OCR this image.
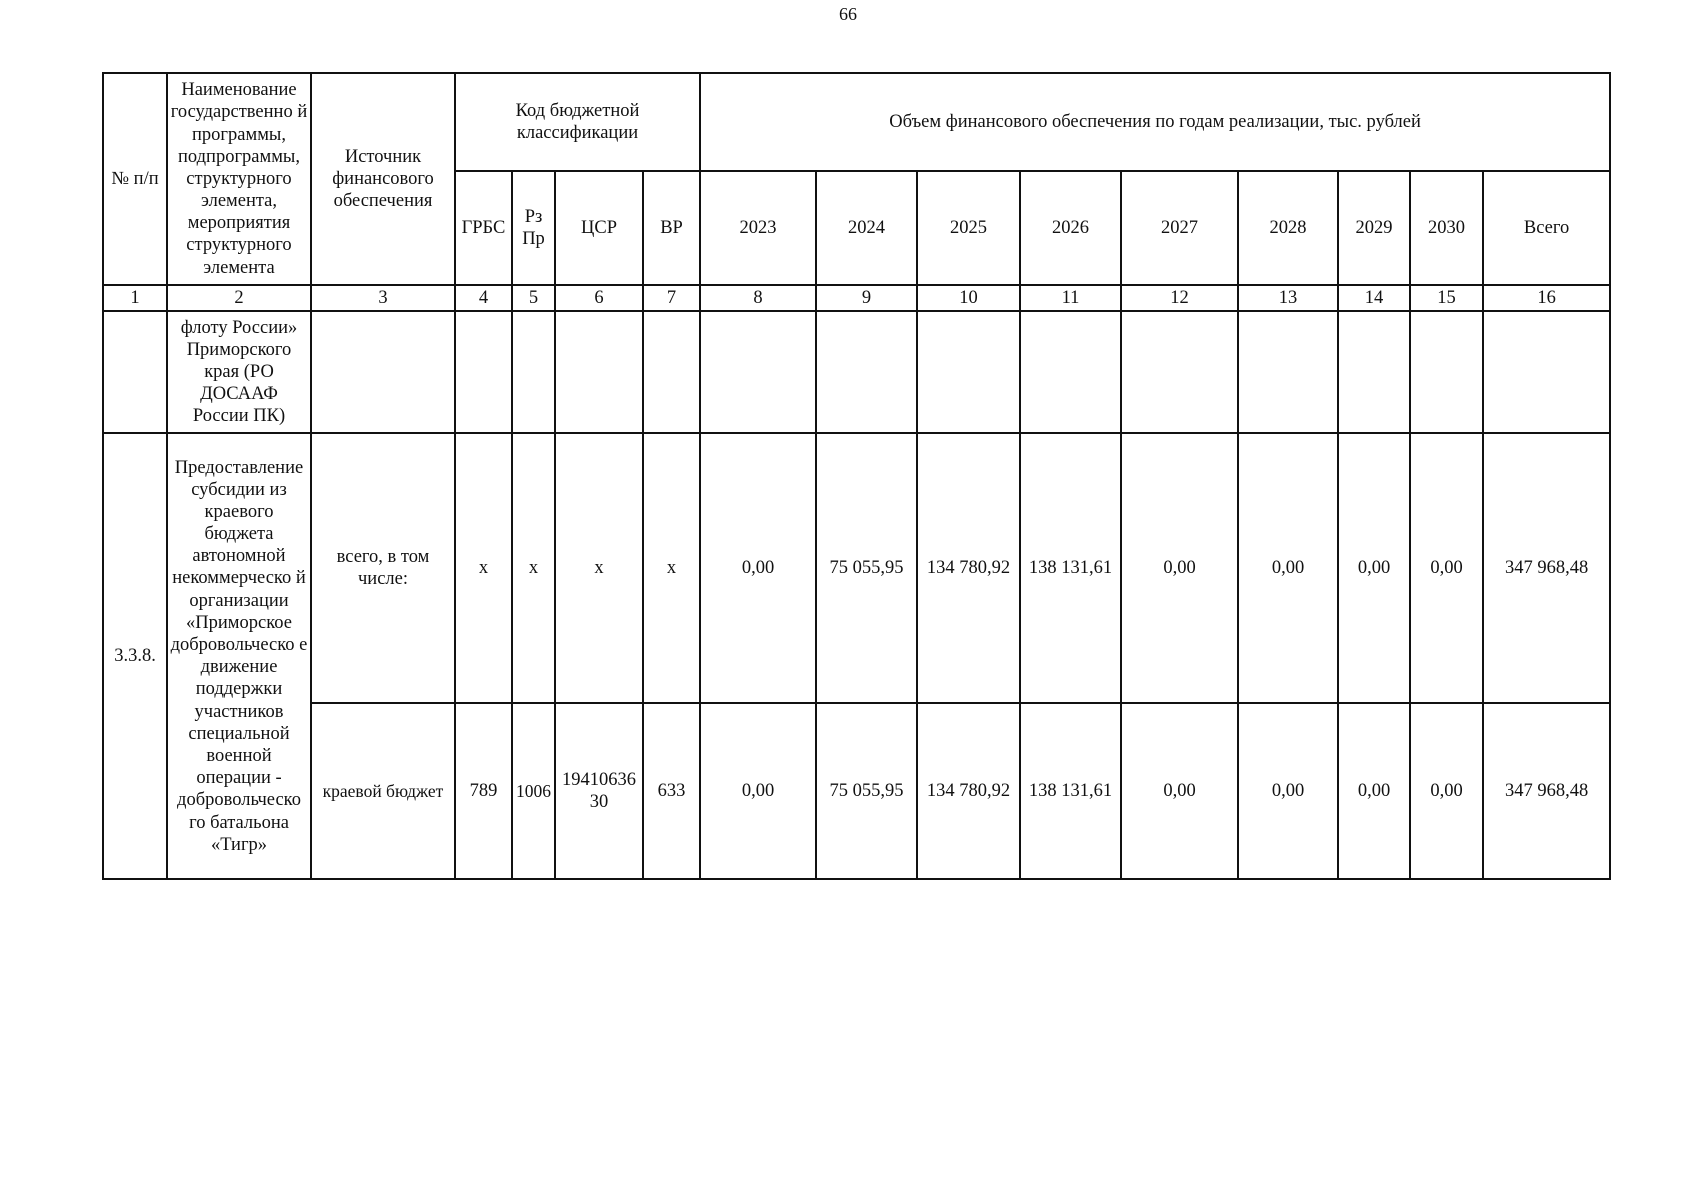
66
№ п/п	Наименование государственно й программы, подпрограммы, структурного элемента, мероприятия структурного элемента	Источник финансового обеспечения	Код бюджетной классификации				Объем финансового обеспечения по годам реализации, тыс. рублей								
			ГРБС	Рз Пр	ЦСР	ВР	2023	2024	2025	2026	2027	2028	2029	2030	Всего
1	2	3	4	5	6	7	8	9	10	11	12	13	14	15	16
	флоту России» Приморского края (РО ДОСААФ России ПК)														
3.3.8.	Предоставление субсидии из краевого бюджета автономной некоммерческо й организации «Приморское добровольческо е движение поддержки участников специальной военной операции - добровольческо го батальона «Тигр»	всего, в том числе:	х	х	х	х	0,00	75 055,95	134 780,92	138 131,61	0,00	0,00	0,00	0,00	347 968,48
		краевой бюджет	789	1006	19410636 30	633	0,00	75 055,95	134 780,92	138 131,61	0,00	0,00	0,00	0,00	347 968,48
